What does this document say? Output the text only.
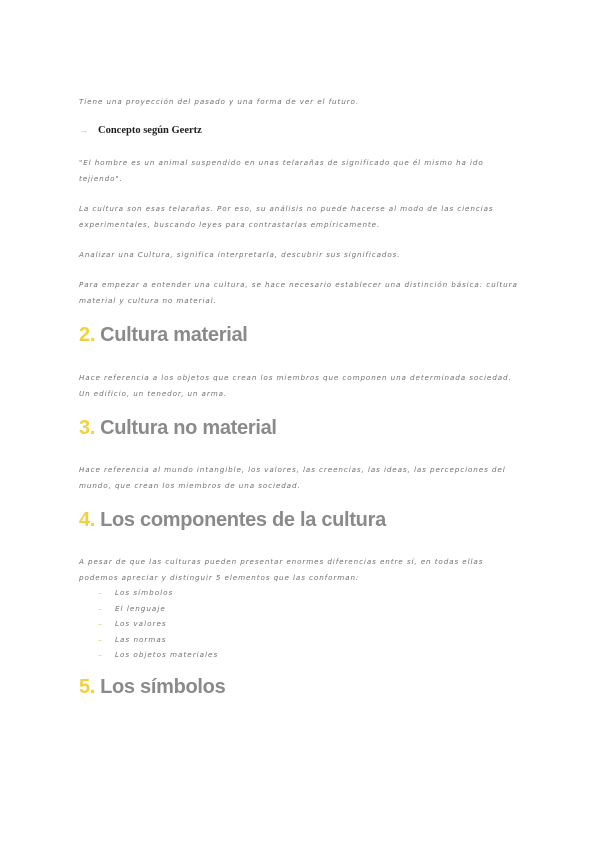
Tiene una proyección del pasado y una forma de ver el futuro.

→ Concepto según Geertz

"El hombre es un animal suspendido en unas telarañas de significado que él mismo ha ido tejiendo".

La cultura son esas telarañas. Por eso, su análisis no puede hacerse al modo de las ciencias experimentales, buscando leyes para contrastarlas empíricamente.

Analizar una Cultura, significa interpretarla, descubrir sus significados.

Para empezar a entender una cultura, se hace necesario establecer una distinción básica: cultura material y cultura no material.

2. Cultura material

Hace referencia a los objetos que crean los miembros que componen una determinada sociedad. Un edificio, un tenedor, un arma.

3. Cultura no material

Hace referencia al mundo intangible, los valores, las creencias, las ideas, las percepciones del mundo, que crean los miembros de una sociedad.

4. Los componentes de la cultura

A pesar de que las culturas pueden presentar enormes diferencias entre sí, en todas ellas podemos apreciar y distinguir 5 elementos que las conforman:

– Los símbolos
– El lenguaje
– Los valores
– Las normas
– Los objetos materiales
5. Los símbolos
